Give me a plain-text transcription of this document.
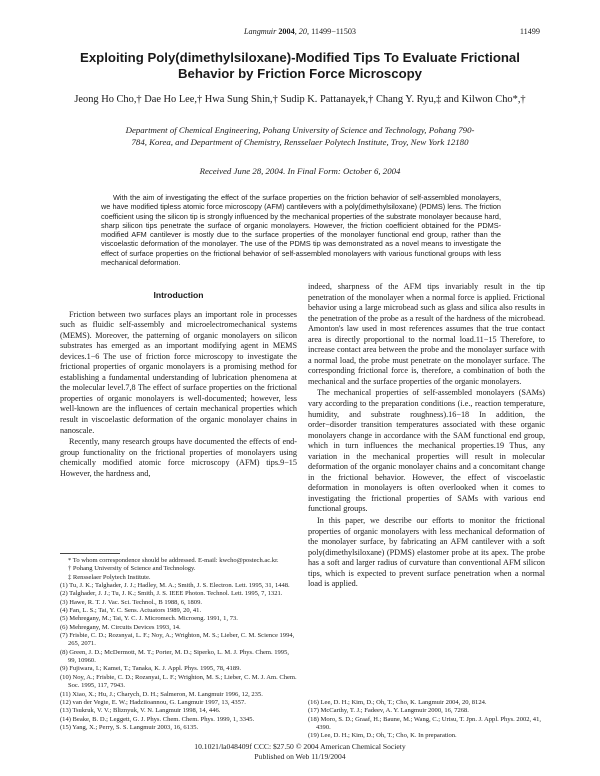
Langmuir 2004, 20, 11499−11503	11499
Exploiting Poly(dimethylsiloxane)-Modified Tips To Evaluate Frictional Behavior by Friction Force Microscopy
Jeong Ho Cho,† Dae Ho Lee,† Hwa Sung Shin,† Sudip K. Pattanayek,† Chang Y. Ryu,‡ and Kilwon Cho*,†
Department of Chemical Engineering, Pohang University of Science and Technology, Pohang 790-784, Korea, and Department of Chemistry, Rensselaer Polytech Institute, Troy, New York 12180
Received June 28, 2004. In Final Form: October 6, 2004
With the aim of investigating the effect of the surface properties on the friction behavior of self-assembled monolayers, we have modified tipless atomic force microscopy (AFM) cantilevers with a poly(dimethylsiloxane) (PDMS) lens. The friction coefficient using the silicon tip is strongly influenced by the mechanical properties of the substrate monolayer because hard, sharp silicon tips penetrate the surface of organic monolayers. However, the friction coefficient obtained for the PDMS-modified AFM cantilever is mostly due to the surface properties of the monolayer functional end group, rather than the viscoelastic deformation of the monolayer. The use of the PDMS tip was demonstrated as a novel means to investigate the effect of surface properties on the frictional behavior of self-assembled monolayers with various functional groups with less mechanical deformation.
Introduction

Friction between two surfaces plays an important role in processes such as fluidic self-assembly and microelectromechanical systems (MEMS). Moreover, the patterning of organic monolayers on silicon substrates has emerged as an important modifying agent in MEMS devices.1−6 The use of friction force microscopy to investigate the frictional properties of organic monolayers is a promising method for establishing a fundamental understanding of lubrication phenomena at the molecular level.7,8 The effect of surface properties on the frictional properties of organic monolayers is well-documented; however, less well-known are the influences of certain mechanical properties which result in viscoelastic deformation of the organic monolayer chains in nanoscale.

Recently, many research groups have documented the effects of end-group functionality on the frictional properties of monolayers using chemically modified atomic force microscopy (AFM) tips.9−15 However, the hardness and,

indeed, sharpness of the AFM tips invariably result in the tip penetration of the monolayer when a normal force is applied. Frictional behavior using a large microbead such as glass and silica also results in the penetration of the probe as a result of the hardness of the microbead. Amonton's law used in most references assumes that the true contact area is directly proportional to the normal load.11−15 Therefore, to increase contact area between the probe and the monolayer surface with a normal load, the probe must penetrate on the monolayer surface. The corresponding frictional force is, therefore, a combination of both the mechanical and the surface properties of the organic monolayers.

The mechanical properties of self-assembled monolayers (SAMs) vary according to the preparation conditions (i.e., reaction temperature, humidity, and substrate roughness).16−18 In addition, the order−disorder transition temperatures associated with these organic monolayers change in accordance with the SAM functional end group, which in turn influences the mechanical properties.19 Thus, any variation in the mechanical properties will result in molecular deformation of the organic monolayer chains and a concomitant change in the frictional behavior. However, the effect of viscoelastic deformation in monolayers is often overlooked when it comes to investigating the frictional properties of SAMs with various end functional groups.

In this paper, we describe our efforts to monitor the frictional properties of organic monolayers with less mechanical deformation of the monolayer surface, by fabricating an AFM cantilever with a soft poly(dimethylsiloxane) (PDMS) elastomer probe at its apex. The probe has a soft and larger radius of curvature than conventional AFM silicon tips, which is expected to prevent surface penetration when a normal load is applied.

* To whom correspondence should be addressed. E-mail: kwcho@postech.ac.kr.
† Pohang University of Science and Technology.
‡ Rensselaer Polytech Institute.
(1) Tu, J. K.; Talghader, J. J.; Hadley, M. A.; Smith, J. S. Electron. Lett. 1995, 31, 1448.
(2) Talghader, J. J.; Tu, J. K.; Smith, J. S. IEEE Photon. Technol. Lett. 1995, 7, 1321.
(3) Hawe, R. T. J. Vac. Sci. Technol., B 1988, 6, 1809.
(4) Fan, L. S.; Tai, Y. C. Sens. Actuators 1989, 20, 41.
(5) Mehregany, M.; Tai, Y. C. J. Micromech. Microeng. 1991, 1, 73.
(6) Mehregany, M. Circuits Devices 1993, 14.
(7) Frisbie, C. D.; Rozsnyai, L. F.; Noy, A.; Wrighton, M. S.; Lieber, C. M. Science 1994, 265, 2071.
(8) Green, J. D.; McDermott, M. T.; Porter, M. D.; Siperko, L. M. J. Phys. Chem. 1995, 99, 10960.
(9) Fujiwara, I.; Kamei, T.; Tanaka, K. J. Appl. Phys. 1995, 78, 4189.
(10) Noy, A.; Frisbie, C. D.; Rozsnyai, L. F.; Wrighton, M. S.; Lieber, C. M. J. Am. Chem. Soc. 1995, 117, 7943.
(11) Xiao, X.; Hu, J.; Charych, D. H.; Salmeron, M. Langmuir 1996, 12, 235.
(12) van der Vegte, E. W.; Hadziioannou, G. Langmuir 1997, 13, 4357.
(13) Tsukruk, V. V.; Bliznyuk, V. N. Langmuir 1998, 14, 446.
(14) Beake, B. D.; Leggett, G. J. Phys. Chem. Chem. Phys. 1999, 1, 3345.
(15) Yang, X.; Perry, S. S. Langmuir 2003, 16, 6135.
(16) Lee, D. H.; Kim, D.; Oh, T.; Cho, K. Langmuir 2004, 20, 8124.
(17) McCarthy, T. J.; Fadeev, A. Y. Langmuir 2000, 16, 7268.
(18) Moro, S. D.; Graaf, H.; Baune, M.; Wang, C.; Urisu, T. Jpn. J. Appl. Phys. 2002, 41, 4390.
(19) Lee, D. H.; Kim, D.; Oh, T.; Cho, K. In preparation.
10.1021/la048409f CCC: $27.50 © 2004 American Chemical Society
Published on Web 11/19/2004
